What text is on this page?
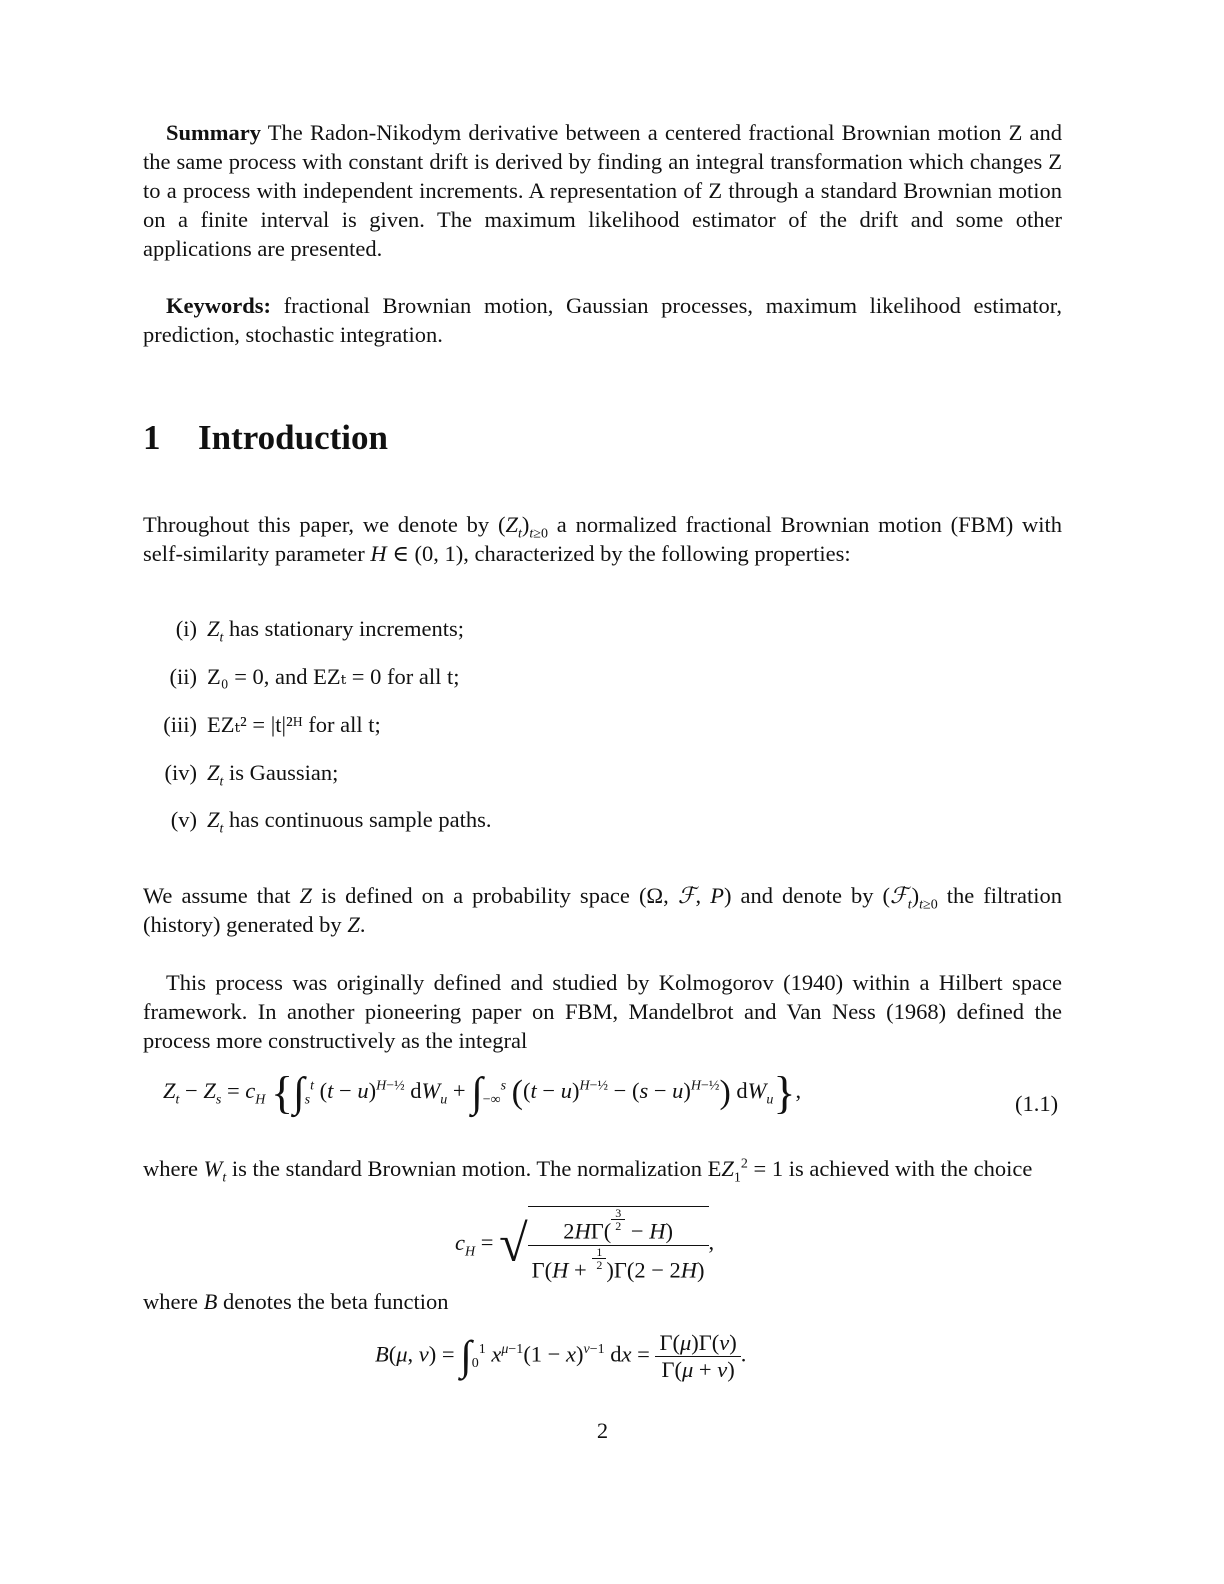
Summary The Radon-Nikodym derivative between a centered fractional Brownian motion Z and the same process with constant drift is derived by finding an integral transformation which changes Z to a process with independent increments. A representation of Z through a standard Brownian motion on a finite interval is given. The maximum likelihood estimator of the drift and some other applications are presented.

Keywords: fractional Brownian motion, Gaussian processes, maximum likelihood estimator, prediction, stochastic integration.

1 Introduction

Throughout this paper, we denote by $(Z_t)_{t\ge 0}$ a normalized fractional Brownian motion (FBM) with self-similarity parameter H ∈ (0, 1), characterized by the following properties:

(i) $Z_t$ has stationary increments;
(ii) Z₀ = 0, and EZₜ = 0 for all t;
(iii) EZₜ² = |t|²ᴴ for all t;
(iv) $Z_t$ is Gaussian;
(v) $Z_t$ has continuous sample paths.

We assume that Z is defined on a probability space (Ω, ℱ, P) and denote by $(ℱ_t)_{t\ge 0}$ the filtration (history) generated by Z.

This process was originally defined and studied by Kolmogorov (1940) within a Hilbert space framework. In another pioneering paper on FBM, Mandelbrot and Van Ness (1968) defined the process more constructively as the integral

$Z_t - Z_s = c_H$ {$\int_s^t$ $(t - u)^{H-\frac{1}{2}}$ $dW_u + \int_{-\infty}^s$ $((t - u)^{H-\frac{1}{2}} - (s - u)^{H-\frac{1}{2}})$ $dW_u$},
(1.1)

where $W_t$ is the standard Brownian motion. The normalization $EZ_1^2 = 1$ is achieved with the choice

$c_H$ = √ 2HΓ(
3
2 − H)
Γ(H +
1
2 )Γ(2 − 2H) ,

where B denotes the beta function

B(μ, $\nu) = \int_0^1$ $x^{\mu-1}(1 - x)^{\nu-1}$ dx = $\frac{\Gamma(\mu)\Gamma(\nu)}{\Gamma(\mu + \nu)}$ .
2
